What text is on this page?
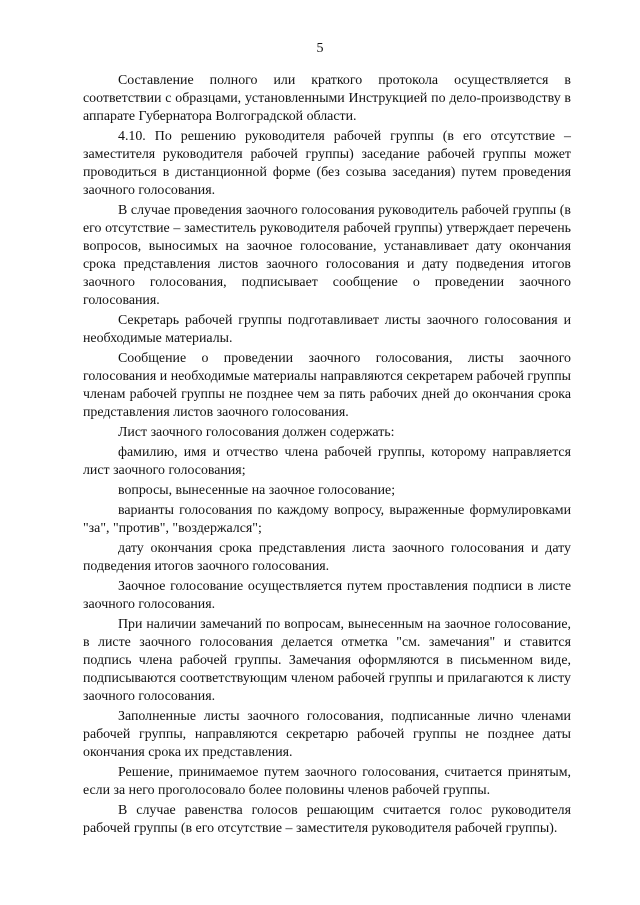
5

Составление полного или краткого протокола осуществляется в соответствии с образцами, установленными Инструкцией по дело-производству в аппарате Губернатора Волгоградской области.

4.10. По решению руководителя рабочей группы (в его отсутствие – заместителя руководителя рабочей группы) заседание рабочей группы может проводиться в дистанционной форме (без созыва заседания) путем проведения заочного голосования.

В случае проведения заочного голосования руководитель рабочей группы (в его отсутствие – заместитель руководителя рабочей группы) утверждает перечень вопросов, выносимых на заочное голосование, устанавливает дату окончания срока представления листов заочного голосования и дату подведения итогов заочного голосования, подписывает сообщение о проведении заочного голосования.

Секретарь рабочей группы подготавливает листы заочного голосования и необходимые материалы.

Сообщение о проведении заочного голосования, листы заочного голосования и необходимые материалы направляются секретарем рабочей группы членам рабочей группы не позднее чем за пять рабочих дней до окончания срока представления листов заочного голосования.

Лист заочного голосования должен содержать:

фамилию, имя и отчество члена рабочей группы, которому направляется лист заочного голосования;

вопросы, вынесенные на заочное голосование;

варианты голосования по каждому вопросу, выраженные формулировками "за", "против", "воздержался";

дату окончания срока представления листа заочного голосования и дату подведения итогов заочного голосования.

Заочное голосование осуществляется путем проставления подписи в листе заочного голосования.

При наличии замечаний по вопросам, вынесенным на заочное голосование, в листе заочного голосования делается отметка "см. замечания" и ставится подпись члена рабочей группы. Замечания оформляются в письменном виде, подписываются соответствующим членом рабочей группы и прилагаются к листу заочного голосования.

Заполненные листы заочного голосования, подписанные лично членами рабочей группы, направляются секретарю рабочей группы не позднее даты окончания срока их представления.

Решение, принимаемое путем заочного голосования, считается принятым, если за него проголосовало более половины членов рабочей группы.

В случае равенства голосов решающим считается голос руководителя рабочей группы (в его отсутствие – заместителя руководителя рабочей группы).
